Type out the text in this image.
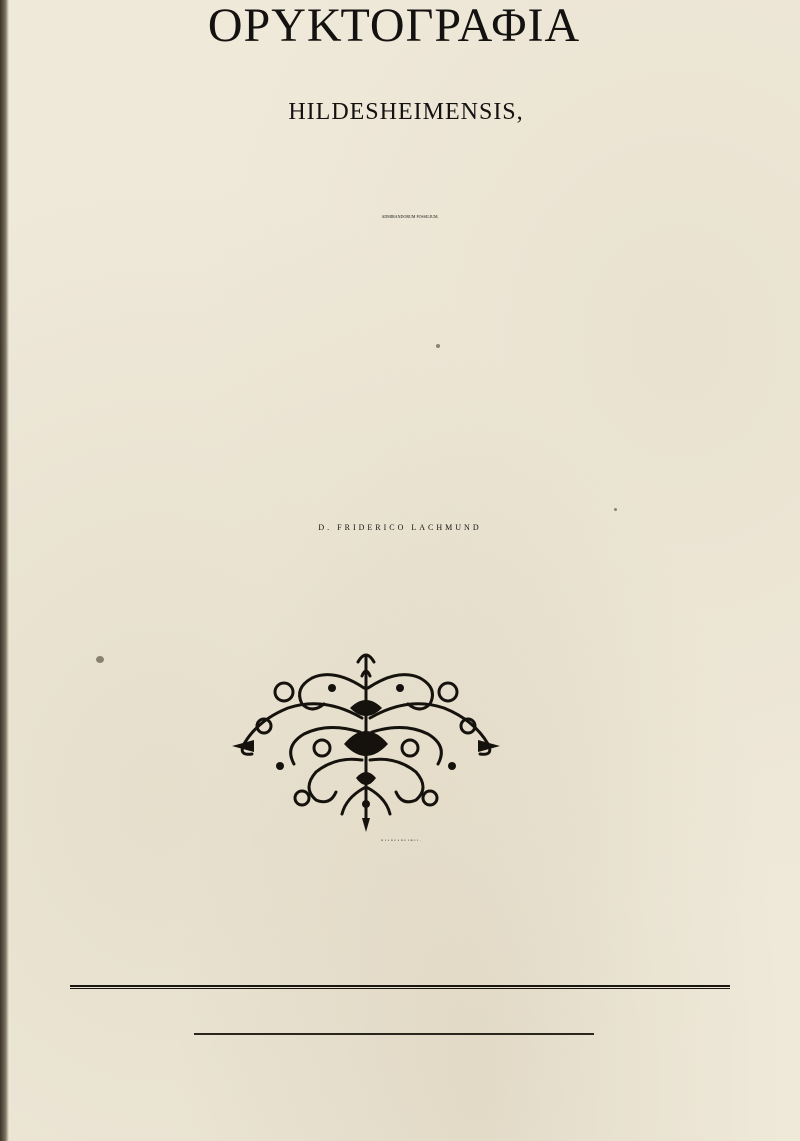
ΟΡΥΚΤΟΓΡΑΦΙΑ
HILDESHEIMENSIS,
ADMIRANDORUM FOSSILIUM,
D. FRIDERICO LACHMUND
HILDESHEIMII,
